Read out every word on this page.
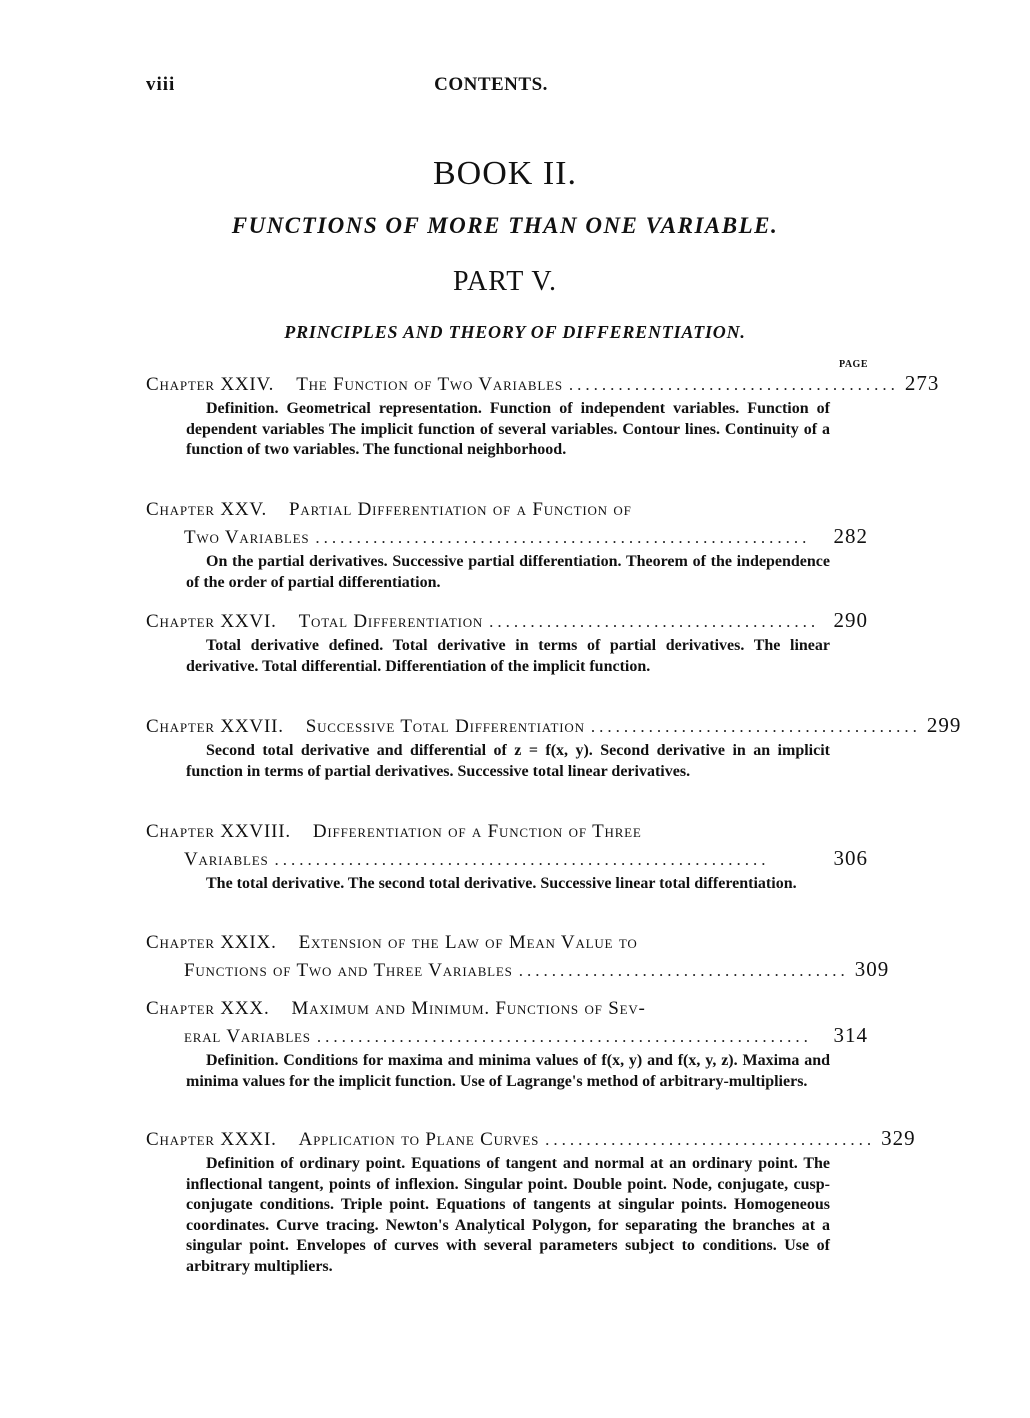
viii	CONTENTS.
BOOK II.
FUNCTIONS OF MORE THAN ONE VARIABLE.
PART V.
PRINCIPLES AND THEORY OF DIFFERENTIATION.
PAGE
Chapter XXIV. The Function of Two Variables ........................................ 273
Definition. Geometrical representation. Function of independent variables. Function of dependent variables The implicit function of several variables. Contour lines. Continuity of a function of two variables. The functional neighborhood.
Chapter XXV. Partial Differentiation of a Function of
Two Variables ............................................................	282
On the partial derivatives. Successive partial differentiation. Theorem of the independence of the order of partial differentiation.
Chapter XXVI. Total Differentiation ........................................ 290
Total derivative defined. Total derivative in terms of partial derivatives. The linear derivative. Total differential. Differentiation of the implicit function.
Chapter XXVII. Successive Total Differentiation ........................................ 299
Second total derivative and differential of z = f(x, y). Second derivative in an implicit function in terms of partial derivatives. Successive total linear derivatives.
Chapter XXVIII. Differentiation of a Function of Three
Variables ............................................................	306
The total derivative. The second total derivative. Successive linear total differentiation.
Chapter XXIX. Extension of the Law of Mean Value to
Functions of Two and Three Variables ........................................ 309
Chapter XXX. Maximum and Minimum. Functions of Sev-
eral Variables ............................................................	314
Definition. Conditions for maxima and minima values of f(x, y) and f(x, y, z). Maxima and minima values for the implicit function. Use of Lagrange's method of arbitrary-multipliers.
Chapter XXXI. Application to Plane Curves ........................................ 329
Definition of ordinary point. Equations of tangent and normal at an ordinary point. The inflectional tangent, points of inflexion. Singular point. Double point. Node, conjugate, cusp-conjugate conditions. Triple point. Equations of tangents at singular points. Homogeneous coordinates. Curve tracing. Newton's Analytical Polygon, for separating the branches at a singular point. Envelopes of curves with several parameters subject to conditions. Use of arbitrary multipliers.
